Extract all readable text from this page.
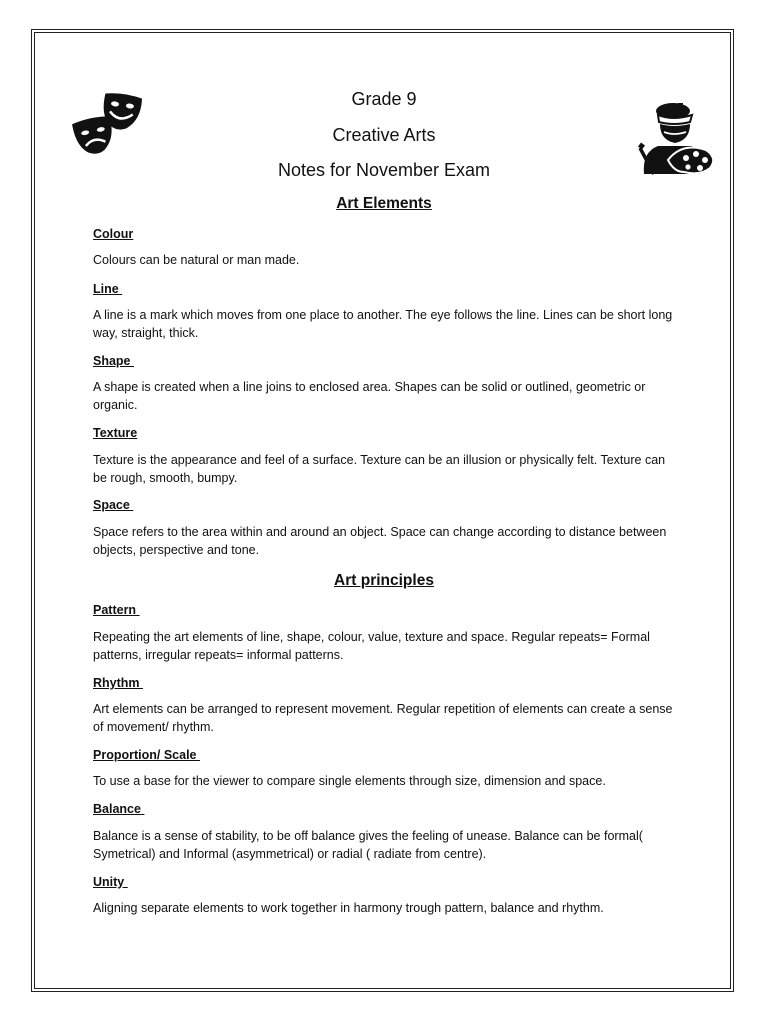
Grade 9
Creative Arts
Notes for November Exam
Art Elements
Colour
Colours can be natural or man made.
Line
A line is a mark which moves from one place to another. The eye follows the line. Lines can be short long way, straight, thick.
Shape
A shape is created when a line joins to enclosed area. Shapes can be solid or outlined, geometric or organic.
Texture
Texture is the appearance and feel of a surface. Texture can be an illusion or physically felt. Texture can be rough, smooth, bumpy.
Space
Space refers to the area within and around an object. Space can change according to distance between objects, perspective and tone.
Art principles
Pattern
Repeating the art elements of line, shape, colour, value, texture and space. Regular repeats= Formal patterns, irregular repeats= informal patterns.
Rhythm
Art elements can be arranged to represent movement. Regular repetition of elements can create a sense of movement/ rhythm.
Proportion/ Scale
To use a base for the viewer to compare single elements through size, dimension and space.
Balance
Balance is a sense of stability, to be off balance gives the feeling of unease. Balance can be formal( Symetrical) and Informal (asymmetrical) or radial ( radiate from centre).
Unity
Aligning separate elements to work together in harmony trough pattern, balance and rhythm.
